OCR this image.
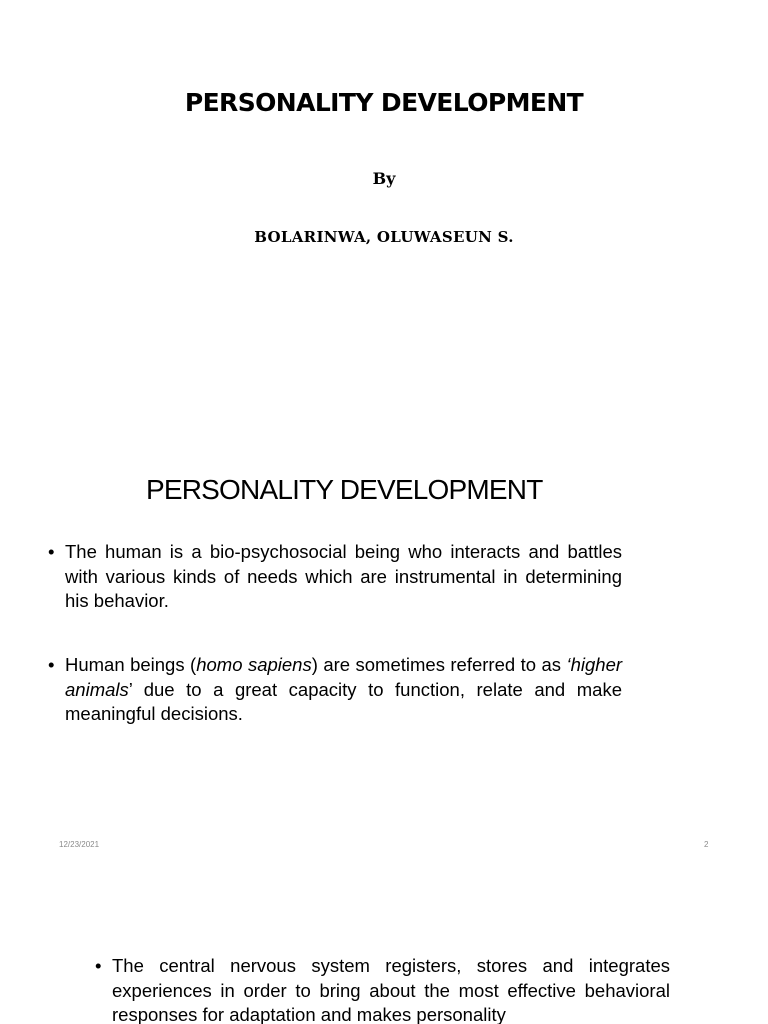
PERSONALITY DEVELOPMENT
By
BOLARINWA, OLUWASEUN S.
PERSONALITY DEVELOPMENT
• The human is a bio-psychosocial being who interacts and battles with various kinds of needs which are instrumental in determining his behavior.
• Human beings (homo sapiens) are sometimes referred to as ‘higher animals’ due to a great capacity to function, relate and make meaningful decisions.
12/23/2021	2
• The central nervous system registers, stores and integrates experiences in order to bring about the most effective behavioral responses for adaptation and makes personality
